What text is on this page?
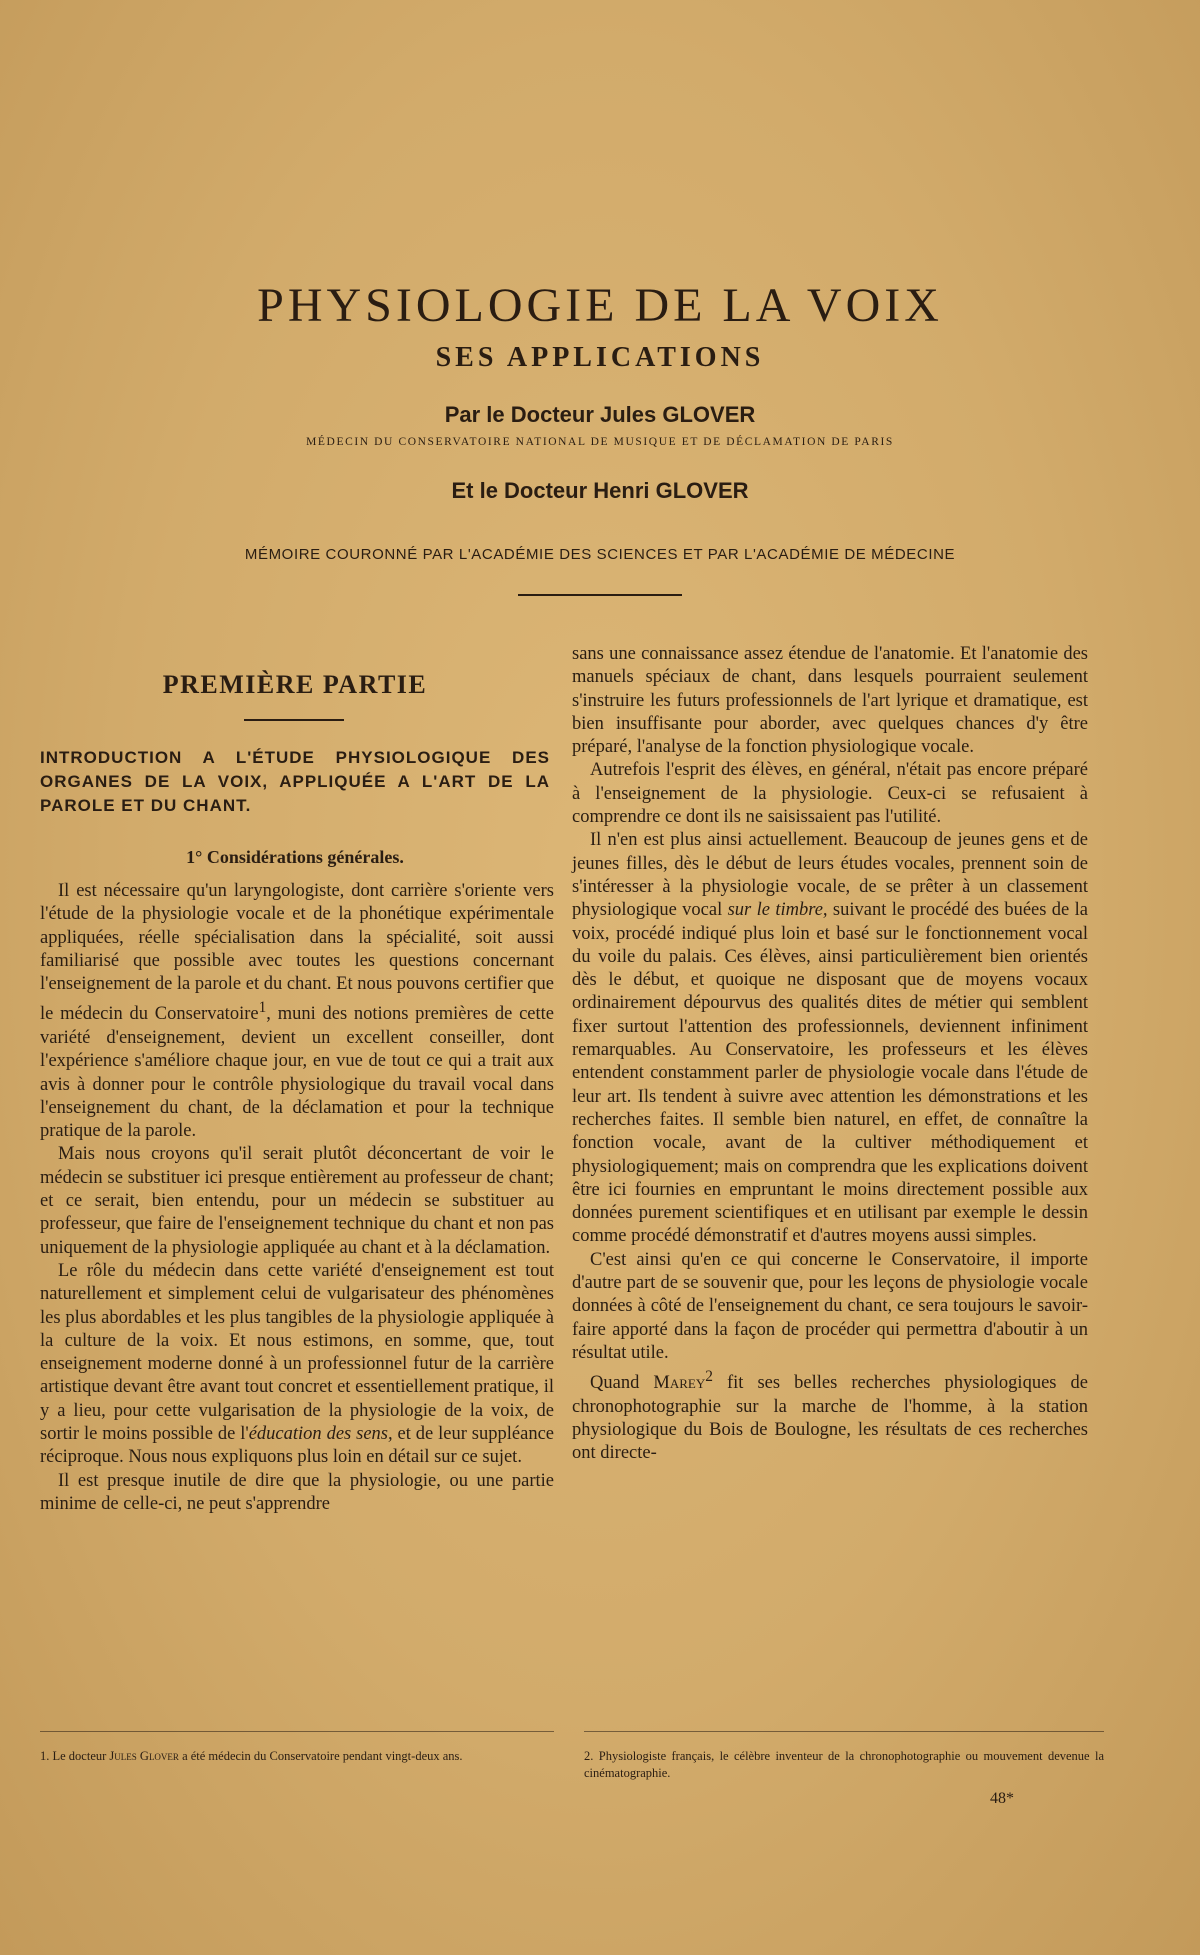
PHYSIOLOGIE DE LA VOIX
SES APPLICATIONS

Par le Docteur Jules GLOVER

MÉDECIN DU CONSERVATOIRE NATIONAL DE MUSIQUE ET DE DÉCLAMATION DE PARIS

Et le Docteur Henri GLOVER

MÉMOIRE COURONNÉ PAR L'ACADÉMIE DES SCIENCES ET PAR L'ACADÉMIE DE MÉDECINE

PREMIÈRE PARTIE

INTRODUCTION A L'ÉTUDE PHYSIOLOGIQUE DES ORGANES DE LA VOIX, APPLIQUÉE A L'ART DE LA PAROLE ET DU CHANT.

1° Considérations générales.

Il est nécessaire qu'un laryngologiste, dont carrière s'oriente vers l'étude de la physiologie vocale et de la phonétique expérimentale appliquées, réelle spécialisation dans la spécialité, soit aussi familiarisé que possible avec toutes les questions concernant l'enseignement de la parole et du chant. Et nous pouvons certifier que le médecin du Conservatoire$^1$, muni des notions premières de cette variété d'enseignement, devient un excellent conseiller, dont l'expérience s'améliore chaque jour, en vue de tout ce qui a trait aux avis à donner pour le contrôle physiologique du travail vocal dans l'enseignement du chant, de la déclamation et pour la technique pratique de la parole.

Mais nous croyons qu'il serait plutôt déconcertant de voir le médecin se substituer ici presque entièrement au professeur de chant; et ce serait, bien entendu, pour un médecin se substituer au professeur, que faire de l'enseignement technique du chant et non pas uniquement de la physiologie appliquée au chant et à la déclamation.

Le rôle du médecin dans cette variété d'enseignement est tout naturellement et simplement celui de vulgarisateur des phénomènes les plus abordables et les plus tangibles de la physiologie appliquée à la culture de la voix. Et nous estimons, en somme, que, tout enseignement moderne donné à un professionnel futur de la carrière artistique devant être avant tout concret et essentiellement pratique, il y a lieu, pour cette vulgarisation de la physiologie de la voix, de sortir le moins possible de l'éducation des sens, et de leur suppléance réciproque. Nous nous expliquons plus loin en détail sur ce sujet.

Il est presque inutile de dire que la physiologie, ou une partie minime de celle-ci, ne peut s'apprendre

sans une connaissance assez étendue de l'anatomie. Et l'anatomie des manuels spéciaux de chant, dans lesquels pourraient seulement s'instruire les futurs professionnels de l'art lyrique et dramatique, est bien insuffisante pour aborder, avec quelques chances d'y être préparé, l'analyse de la fonction physiologique vocale.

Autrefois l'esprit des élèves, en général, n'était pas encore préparé à l'enseignement de la physiologie. Ceux-ci se refusaient à comprendre ce dont ils ne saisissaient pas l'utilité.

Il n'en est plus ainsi actuellement. Beaucoup de jeunes gens et de jeunes filles, dès le début de leurs études vocales, prennent soin de s'intéresser à la physiologie vocale, de se prêter à un classement physiologique vocal sur le timbre, suivant le procédé des buées de la voix, procédé indiqué plus loin et basé sur le fonctionnement vocal du voile du palais. Ces élèves, ainsi particulièrement bien orientés dès le début, et quoique ne disposant que de moyens vocaux ordinairement dépourvus des qualités dites de métier qui semblent fixer surtout l'attention des professionnels, deviennent infiniment remarquables. Au Conservatoire, les professeurs et les élèves entendent constamment parler de physiologie vocale dans l'étude de leur art. Ils tendent à suivre avec attention les démonstrations et les recherches faites. Il semble bien naturel, en effet, de connaître la fonction vocale, avant de la cultiver méthodiquement et physiologiquement; mais on comprendra que les explications doivent être ici fournies en empruntant le moins directement possible aux données purement scientifiques et en utilisant par exemple le dessin comme procédé démonstratif et d'autres moyens aussi simples.

C'est ainsi qu'en ce qui concerne le Conservatoire, il importe d'autre part de se souvenir que, pour les leçons de physiologie vocale données à côté de l'enseignement du chant, ce sera toujours le savoir-faire apporté dans la façon de procéder qui permettra d'aboutir à un résultat utile.

Quand Marey$^2$ fit ses belles recherches physiologiques de chronophotographie sur la marche de l'homme, à la station physiologique du Bois de Boulogne, les résultats de ces recherches ont directe-

1. Le docteur Jules Glover a été médecin du Conservatoire pendant vingt-deux ans.	2. Physiologiste français, le célèbre inventeur de la chronophotographie ou mouvement devenue la cinématographie.

48*
